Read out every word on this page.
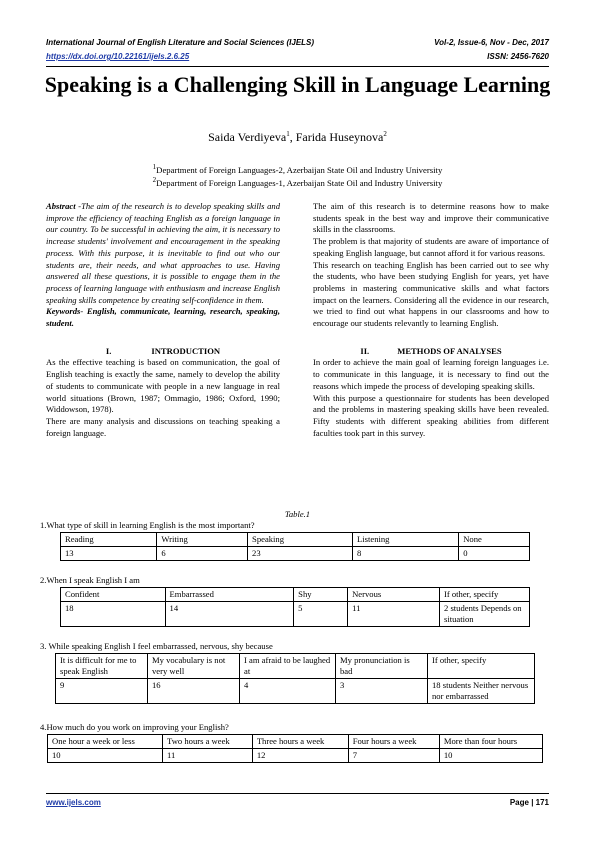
International Journal of English Literature and Social Sciences (IJELS)	Vol-2, Issue-6, Nov - Dec, 2017
https://dx.doi.org/10.22161/ijels.2.6.25	ISSN: 2456-7620
Speaking is a Challenging Skill in Language Learning
Saida Verdiyeva$^1$, Farida Huseynova$^2$
$^1$Department of Foreign Languages-2, Azerbaijan State Oil and Industry University
$^2$Department of Foreign Languages-1, Azerbaijan State Oil and Industry University

Abstract -The aim of the research is to develop speaking skills and improve the efficiency of teaching English as a foreign language in our country. To be successful in achieving the aim, it is necessary to increase students' involvement and encouragement in the speaking process. With this purpose, it is inevitable to find out who our students are, their needs, and what approaches to use. Having answered all these questions, it is possible to engage them in the process of learning language with enthusiasm and increase English speaking skills competence by creating self-confidence in them.

Keywords- English, communicate, learning, research, speaking, student.

I.	INTRODUCTION

As the effective teaching is based on communication, the goal of English teaching is exactly the same, namely to develop the ability of students to communicate with people in a new language in real world situations (Brown, 1987; Ommagio, 1986; Oxford, 1990; Widdowson, 1978).

There are many analysis and discussions on teaching speaking a foreign language.

The aim of this research is to determine reasons how to make students speak in the best way and improve their communicative skills in the classrooms.

The problem is that majority of students are aware of importance of speaking English language, but cannot afford it for various reasons.

This research on teaching English has been carried out to see why the students, who have been studying English for years, yet have problems in mastering communicative skills and what factors impact on the learners. Considering all the evidence in our research, we tried to find out what happens in our classrooms and how to encourage our students relevantly to learning English.

II.	METHODS OF ANALYSES

In order to achieve the main goal of learning foreign languages i.e. to communicate in this language, it is necessary to find out the reasons which impede the process of developing speaking skills.

With this purpose a questionnaire for students has been developed and the problems in mastering speaking skills have been revealed. Fifty students with different speaking abilities from different faculties took part in this survey.

Table.1
1.What type of skill in learning English is the most important?
Reading	Writing	Speaking	Listening	None
13	6	23	8	0
2.When I speak English I am
Confident	Embarrassed	Shy	Nervous	If other, specify
18	14	5	11	2 students Depends on situation
3. While speaking English I feel embarrassed, nervous, shy because
It is difficult for me to speak English	My vocabulary is not very well	I am afraid to be laughed at	My pronunciation is bad	If other, specify
9	16	4	3	18 students Neither nervous nor embarrassed
4.How much do you work on improving your English?
One hour a week or less	Two hours a week	Three hours a week	Four hours a week	More than four hours
10	11	12	7	10
www.ijels.com	Page | 171
